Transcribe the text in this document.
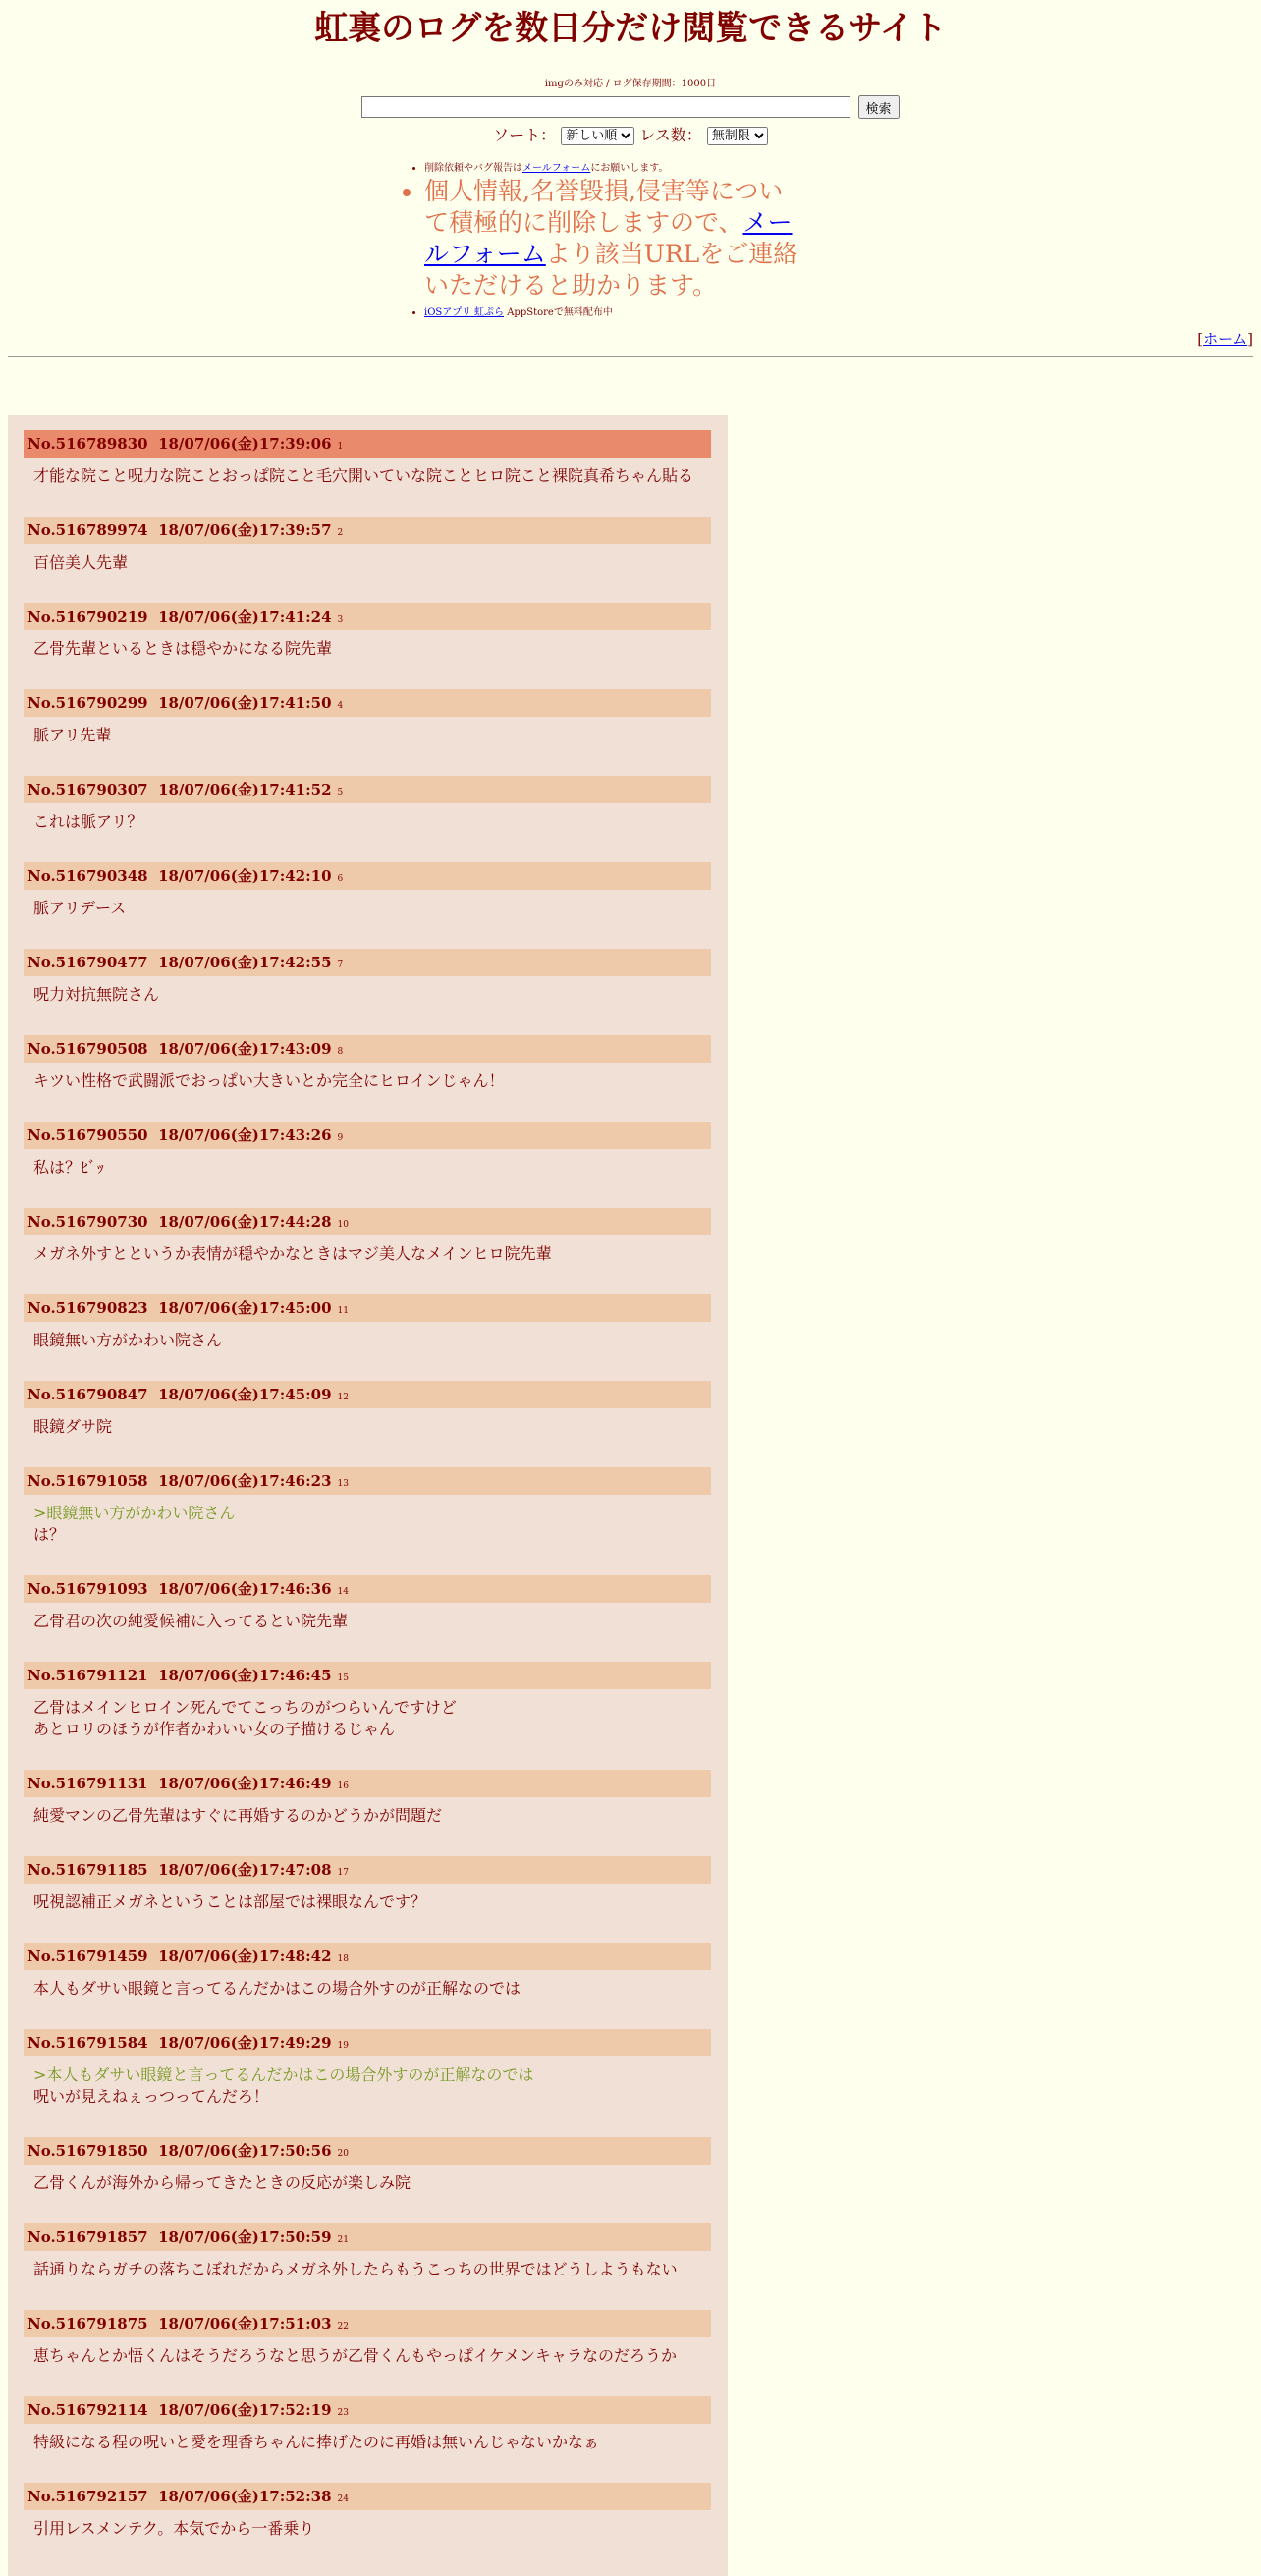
虹裏のログを数日分だけ閲覧できるサイト
imgのみ対応 / ログ保存期間：1000日
検索
ソート：
新しい順	レス数：
無制限
• 削除依頼やバグ報告はメールフォームにお願いします。
• 個人情報,名誉毀損,侵害等について積極的に削除しますので、メールフォームより該当URLをご連絡いただけると助かります。
• iOSアプリ 虹ぷら AppStoreで無料配布中
[ホーム]
No.516789830 18/07/06(金)17:39:06 1
才能な院こと呪力な院ことおっぱ院こと毛穴開いていな院ことヒロ院こと裸院真希ちゃん貼る
No.516789974 18/07/06(金)17:39:57 2
百倍美人先輩
No.516790219 18/07/06(金)17:41:24 3
乙骨先輩といるときは穏やかになる院先輩
No.516790299 18/07/06(金)17:41:50 4
脈アリ先輩
No.516790307 18/07/06(金)17:41:52 5
これは脈アリ？
No.516790348 18/07/06(金)17:42:10 6
脈アリデース
No.516790477 18/07/06(金)17:42:55 7
呪力対抗無院さん
No.516790508 18/07/06(金)17:43:09 8
キツい性格で武闘派でおっぱい大きいとか完全にヒロインじゃん！
No.516790550 18/07/06(金)17:43:26 9
私は？ﾋﾞｯ
No.516790730 18/07/06(金)17:44:28 10
メガネ外すとというか表情が穏やかなときはマジ美人なメインヒロ院先輩
No.516790823 18/07/06(金)17:45:00 11
眼鏡無い方がかわい院さん
No.516790847 18/07/06(金)17:45:09 12
眼鏡ダサ院
No.516791058 18/07/06(金)17:46:23 13
>眼鏡無い方がかわい院さん
は？
No.516791093 18/07/06(金)17:46:36 14
乙骨君の次の純愛候補に入ってるとい院先輩
No.516791121 18/07/06(金)17:46:45 15
乙骨はメインヒロイン死んでてこっちのがつらいんですけど
あとロリのほうが作者かわいい女の子描けるじゃん
No.516791131 18/07/06(金)17:46:49 16
純愛マンの乙骨先輩はすぐに再婚するのかどうかが問題だ
No.516791185 18/07/06(金)17:47:08 17
呪視認補正メガネということは部屋では裸眼なんです？
No.516791459 18/07/06(金)17:48:42 18
本人もダサい眼鏡と言ってるんだかはこの場合外すのが正解なのでは
No.516791584 18/07/06(金)17:49:29 19
>本人もダサい眼鏡と言ってるんだかはこの場合外すのが正解なのでは
呪いが見えねぇっつってんだろ！
No.516791850 18/07/06(金)17:50:56 20
乙骨くんが海外から帰ってきたときの反応が楽しみ院
No.516791857 18/07/06(金)17:50:59 21
話通りならガチの落ちこぼれだからメガネ外したらもうこっちの世界ではどうしようもない
No.516791875 18/07/06(金)17:51:03 22
恵ちゃんとか悟くんはそうだろうなと思うが乙骨くんもやっぱイケメンキャラなのだろうか
No.516792114 18/07/06(金)17:52:19 23
特級になる程の呪いと愛を理香ちゃんに捧げたのに再婚は無いんじゃないかなぁ
No.516792157 18/07/06(金)17:52:38 24
引用レスメンテク。本気でから一番乗り
